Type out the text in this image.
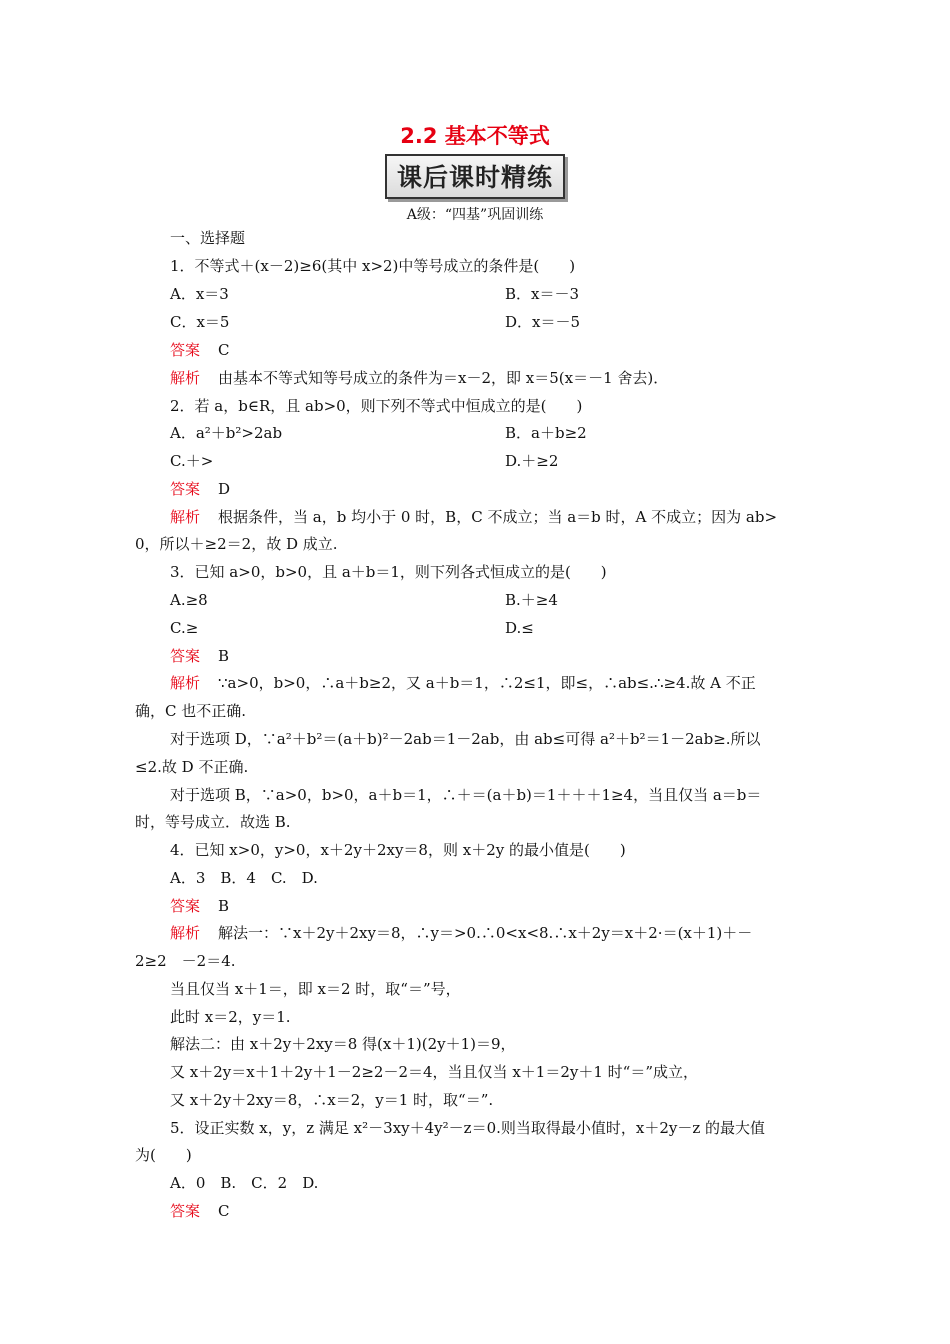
2.2 基本不等式
课后课时精练
A级：“四基”巩固训练
一、选择题
1．不等式＋(x－2)≥6(其中 x>2)中等号成立的条件是(　　)
A．x＝3	B．x＝－3
C．x＝5	D．x＝－5
答案 C
解析 由基本不等式知等号成立的条件为＝x－2，即 x＝5(x＝－1 舍去)．
2．若 a，b∈R，且 ab>0，则下列不等式中恒成立的是(　　)
A．a²＋b²>2ab	B．a＋b≥2
C.＋>	D.＋≥2
答案 D
解析 根据条件，当 a，b 均小于 0 时，B，C 不成立；当 a＝b 时，A 不成立；因为 ab>
0，所以＋≥2＝2，故 D 成立.
3．已知 a>0，b>0，且 a＋b＝1，则下列各式恒成立的是(　　)
A.≥8	B.＋≥4
C.≥	D.≤
答案 B
解析 ∵a>0，b>0，∴a＋b≥2，又 a＋b＝1，∴2≤1，即≤，∴ab≤.∴≥4.故 A 不正
确，C 也不正确.
对于选项 D，∵a²＋b²＝(a＋b)²－2ab＝1－2ab，由 ab≤可得 a²＋b²＝1－2ab≥.所以
≤2.故 D 不正确.
对于选项 B，∵a>0，b>0，a＋b＝1，∴＋＝(a＋b)＝1＋＋＋1≥4，当且仅当 a＝b＝
时，等号成立．故选 B.
4．已知 x>0，y>0，x＋2y＋2xy＝8，则 x＋2y 的最小值是(　　)
A．3　B．4　C.　D.
答案 B
解析 解法一：∵x＋2y＋2xy＝8，∴y＝>0.∴0<x<8.∴x＋2y＝x＋2·＝(x＋1)＋－
2≥2　－2＝4.
当且仅当 x＋1＝，即 x＝2 时，取“＝”号，
此时 x＝2，y＝1.
解法二：由 x＋2y＋2xy＝8 得(x＋1)(2y＋1)＝9，
又 x＋2y＝x＋1＋2y＋1－2≥2－2＝4，当且仅当 x＋1＝2y＋1 时“＝”成立，
又 x＋2y＋2xy＝8，∴x＝2，y＝1 时，取“＝”.
5．设正实数 x，y，z 满足 x²－3xy＋4y²－z＝0.则当取得最小值时，x＋2y－z 的最大值
为(　　)
A．0　B.　C．2　D.
答案 C
